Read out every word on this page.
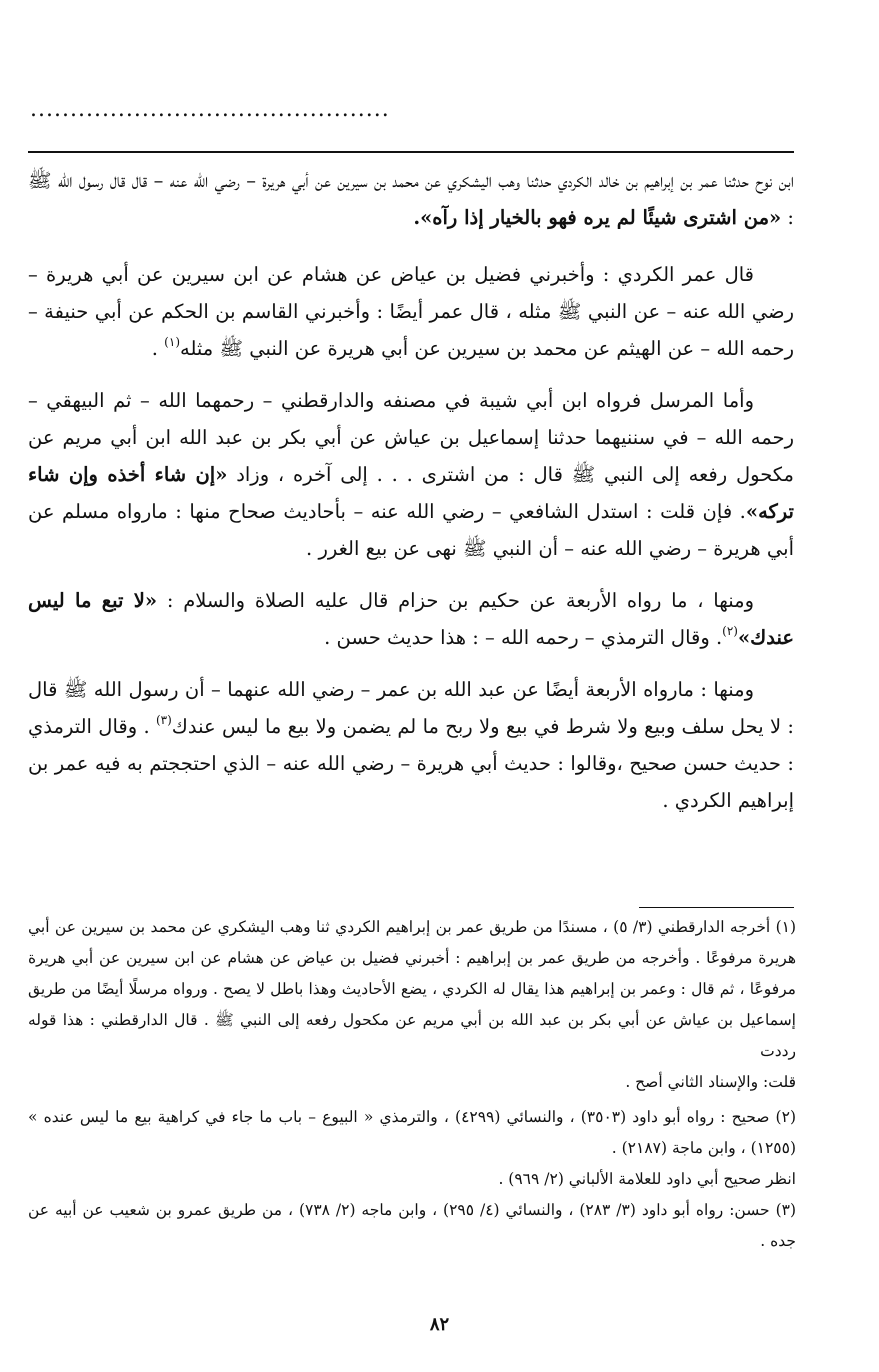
.............................................

ابن نوح حدثنا عمر بن إبراهيم بن خالد الكردي حدثنا وهب اليشكري عن محمد بن سيرين عن أبي هريرة – رضي الله عنه – قال قال رسول الله ﷺ : «من اشترى شيئًا لم يره فهو بالخيار إذا رآه».

قال عمر الكردي : وأخبرني فضيل بن عياض عن هشام عن ابن سيرين عن أبي هريرة – رضي الله عنه – عن النبي ﷺ مثله ، قال عمر أيضًا : وأخبرني القاسم بن الحكم عن أبي حنيفة – رحمه الله – عن الهيثم عن محمد بن سيرين عن أبي هريرة عن النبي ﷺ مثله$^{(١)}$ .

وأما المرسل فرواه ابن أبي شيبة في مصنفه والدارقطني – رحمهما الله – ثم البيهقي – رحمه الله – في سننيهما حدثنا إسماعيل بن عياش عن أبي بكر بن عبد الله ابن أبي مريم عن مكحول رفعه إلى النبي ﷺ قال : من اشترى . . . إلى آخره ، وزاد «إن شاء أخذه وإن شاء تركه». فإن قلت : استدل الشافعي – رضي الله عنه – بأحاديث صحاح منها : مارواه مسلم عن أبي هريرة – رضي الله عنه – أن النبي ﷺ نهى عن بيع الغرر .

ومنها ، ما رواه الأربعة عن حكيم بن حزام قال عليه الصلاة والسلام : «لا تبع ما ليس عندك»$^{(٢)}$. وقال الترمذي – رحمه الله – : هذا حديث حسن .

ومنها : مارواه الأربعة أيضًا عن عبد الله بن عمر – رضي الله عنهما – أن رسول الله ﷺ قال : لا يحل سلف وبيع ولا شرط في بيع ولا ربح ما لم يضمن ولا بيع ما ليس عندك$^{(٣)}$ . وقال الترمذي : حديث حسن صحيح ،وقالوا : حديث أبي هريرة – رضي الله عنه – الذي احتججتم به فيه عمر بن إبراهيم الكردي .

(١) أخرجه الدارقطني (٣/ ٥) ، مسندًا من طريق عمر بن إبراهيم الكردي ثنا وهب اليشكري عن محمد بن سيرين عن أبي هريرة مرفوعًا . وأخرجه من طريق عمر بن إبراهيم : أخبرني فضيل بن عياض عن هشام عن ابن سيرين عن أبي هريرة مرفوعًا ، ثم قال : وعمر بن إبراهيم هذا يقال له الكردي ، يضع الأحاديث وهذا باطل لا يصح . ورواه مرسلًا أيضًا من طريق إسماعيل بن عياش عن أبي بكر بن عبد الله بن أبي مريم عن مكحول رفعه إلى النبي ﷺ . قال الدارقطني : هذا قوله رددت

قلت: والإسناد الثاني أصح .

(٢) صحيح : رواه أبو داود (٣٥٠٣) ، والنسائي (٤٢٩٩) ، والترمذي « البيوع – باب ما جاء في كراهية بيع ما ليس عنده » (١٢٥٥) ، وابن ماجة (٢١٨٧) .

انظر صحيح أبي داود للعلامة الألباني (٢/ ٩٦٩) .

(٣) حسن: رواه أبو داود (٣/ ٢٨٣) ، والنسائي (٤/ ٢٩٥) ، وابن ماجه (٢/ ٧٣٨) ، من طريق عمرو بن شعيب عن أبيه عن جده .

٨٢
